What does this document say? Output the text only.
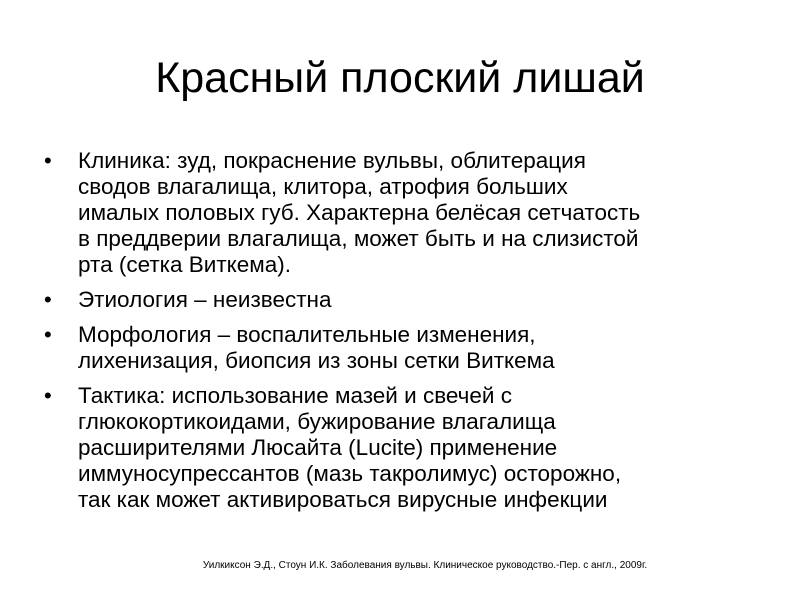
Красный плоский лишай
• Клиника: зуд, покраснение вульвы, облитерация
сводов влагалища, клитора, атрофия больших
ималых половых губ. Характерна белёсая сетчатость
в преддверии влагалища, может быть и на слизистой
рта (сетка Виткема).
• Этиология – неизвестна
• Морфология – воспалительные изменения,
лихенизация, биопсия из зоны сетки Виткема
• Тактика: использование мазей и свечей с
глюкокортикоидами, бужирование влагалища
расширителями Люсайта (Lucite) применение
иммуносупрессантов (мазь такролимус) осторожно,
так как может активироваться вирусные инфекции
Уилкиксон Э.Д., Стоун И.К. Заболевания вульвы. Клиническое руководство.-Пер. с англ., 2009г.
